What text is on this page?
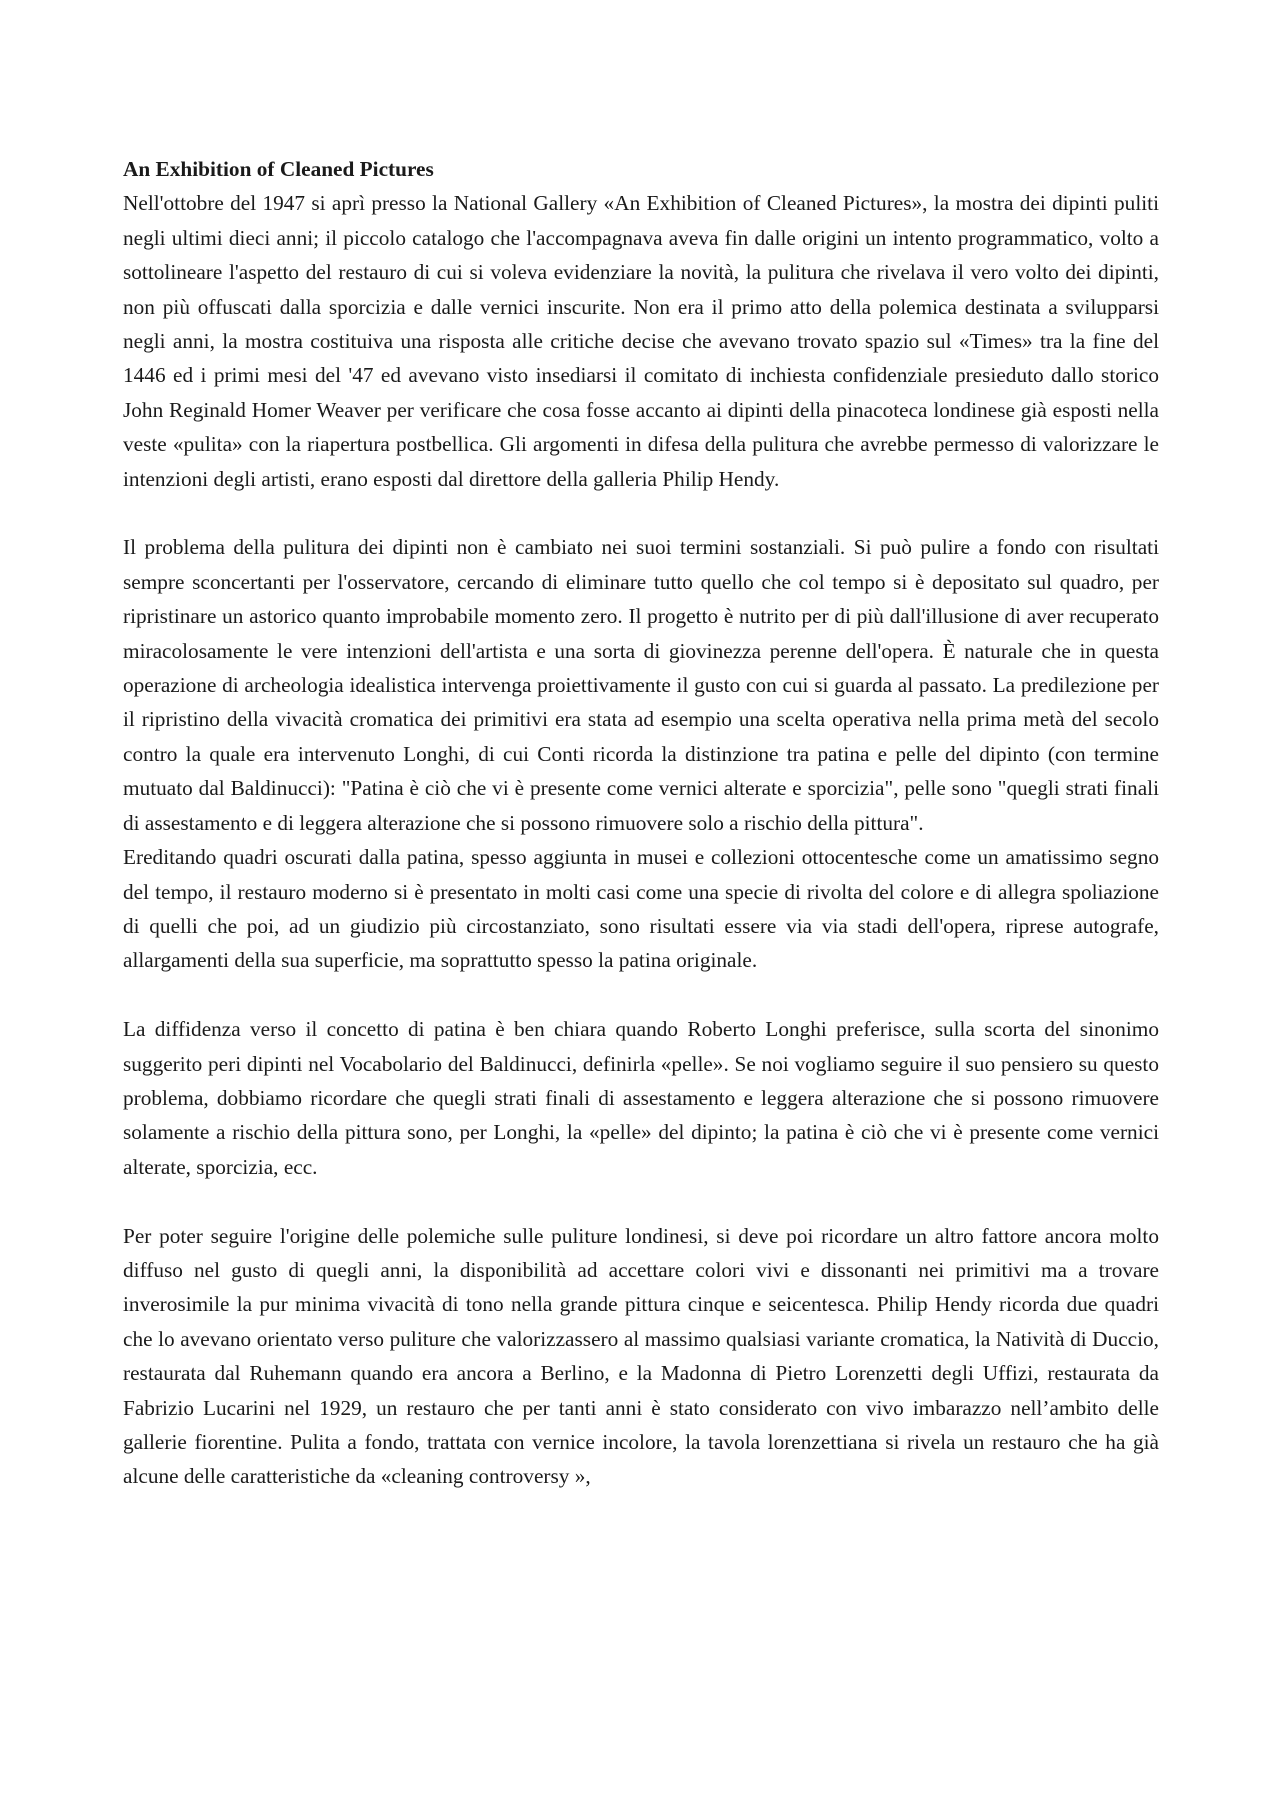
An Exhibition of Cleaned Pictures

Nell'ottobre del 1947 si aprì presso la National Gallery «An Exhibition of Cleaned Pictures», la mostra dei dipinti puliti negli ultimi dieci anni; il piccolo catalogo che l'accompagnava aveva fin dalle origini un intento programmatico, volto a sottolineare l'aspetto del restauro di cui si voleva evidenziare la novità, la pulitura che rivelava il vero volto dei dipinti, non più offuscati dalla sporcizia e dalle vernici inscurite. Non era il primo atto della polemica destinata a svilupparsi negli anni, la mostra costituiva una risposta alle critiche decise che avevano trovato spazio sul «Times» tra la fine del 1446 ed i primi mesi del '47 ed avevano visto insediarsi il comitato di inchiesta confidenziale presieduto dallo storico John Reginald Homer Weaver per verificare che cosa fosse accanto ai dipinti della pinacoteca londinese già esposti nella veste «pulita» con la riapertura postbellica. Gli argomenti in difesa della pulitura che avrebbe permesso di valorizzare le intenzioni degli artisti, erano esposti dal direttore della galleria Philip Hendy.

Il problema della pulitura dei dipinti non è cambiato nei suoi termini sostanziali. Si può pulire a fondo con risultati sempre sconcertanti per l'osservatore, cercando di eliminare tutto quello che col tempo si è depositato sul quadro, per ripristinare un astorico quanto improbabile momento zero. Il progetto è nutrito per di più dall'illusione di aver recuperato miracolosamente le vere intenzioni dell'artista e una sorta di giovinezza perenne dell'opera. È naturale che in questa operazione di archeologia idealistica intervenga proiettivamente il gusto con cui si guarda al passato. La predilezione per il ripristino della vivacità cromatica dei primitivi era stata ad esempio una scelta operativa nella prima metà del secolo contro la quale era intervenuto Longhi, di cui Conti ricorda la distinzione tra patina e pelle del dipinto (con termine mutuato dal Baldinucci): "Patina è ciò che vi è presente come vernici alterate e sporcizia", pelle sono "quegli strati finali di assestamento e di leggera alterazione che si possono rimuovere solo a rischio della pittura".

Ereditando quadri oscurati dalla patina, spesso aggiunta in musei e collezioni ottocentesche come un amatissimo segno del tempo, il restauro moderno si è presentato in molti casi come una specie di rivolta del colore e di allegra spoliazione di quelli che poi, ad un giudizio più circostanziato, sono risultati essere via via stadi dell'opera, riprese autografe, allargamenti della sua superficie, ma soprattutto spesso la patina originale.

La diffidenza verso il concetto di patina è ben chiara quando Roberto Longhi preferisce, sulla scorta del sinonimo suggerito peri dipinti nel Vocabolario del Baldinucci, definirla «pelle». Se noi vogliamo seguire il suo pensiero su questo problema, dobbiamo ricordare che quegli strati finali di assestamento e leggera alterazione che si possono rimuovere solamente a rischio della pittura sono, per Longhi, la «pelle» del dipinto; la patina è ciò che vi è presente come vernici alterate, sporcizia, ecc.

Per poter seguire l'origine delle polemiche sulle puliture londinesi, si deve poi ricordare un altro fattore ancora molto diffuso nel gusto di quegli anni, la disponibilità ad accettare colori vivi e dissonanti nei primitivi ma a trovare inverosimile la pur minima vivacità di tono nella grande pittura cinque e seicentesca. Philip Hendy ricorda due quadri che lo avevano orientato verso puliture che valorizzassero al massimo qualsiasi variante cromatica, la Natività di Duccio, restaurata dal Ruhemann quando era ancora a Berlino, e la Madonna di Pietro Lorenzetti degli Uffizi, restaurata da Fabrizio Lucarini nel 1929, un restauro che per tanti anni è stato considerato con vivo imbarazzo nell’ambito delle gallerie fiorentine. Pulita a fondo, trattata con vernice incolore, la tavola lorenzettiana si rivela un restauro che ha già alcune delle caratteristiche da «cleaning controversy »,
